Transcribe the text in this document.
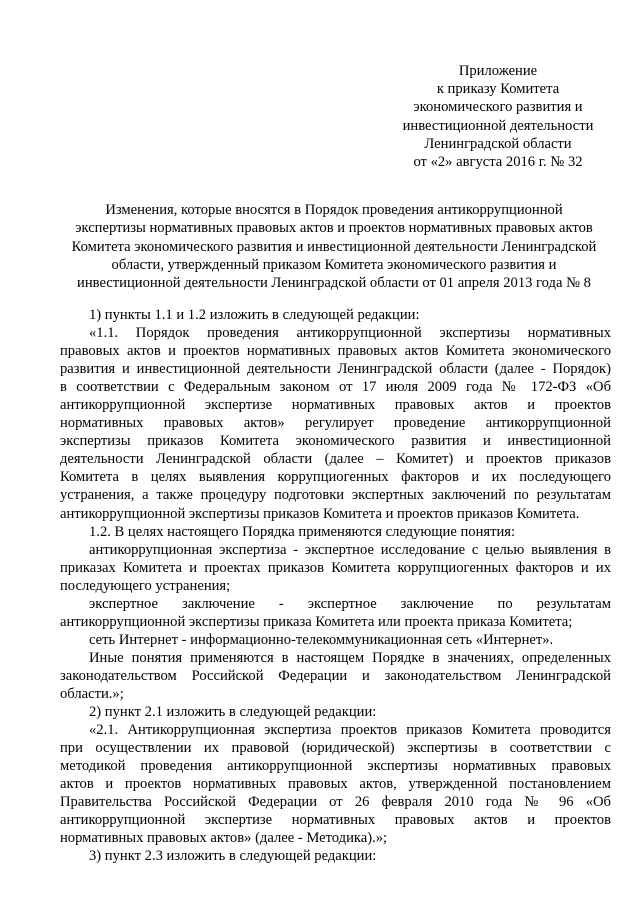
Приложение
к приказу Комитета
экономического развития и
инвестиционной деятельности
Ленинградской области
от «2» августа 2016 г. № 32
Изменения, которые вносятся в Порядок проведения антикоррупционной
экспертизы нормативных правовых актов и проектов нормативных правовых актов
Комитета экономического развития и инвестиционной деятельности Ленинградской
области, утвержденный приказом Комитета экономического развития и
инвестиционной деятельности Ленинградской области от 01 апреля 2013 года № 8

1) пункты 1.1 и 1.2 изложить в следующей редакции:

«1.1. Порядок проведения антикоррупционной экспертизы нормативных
правовых актов и проектов нормативных правовых актов Комитета экономического
развития и инвестиционной деятельности Ленинградской области (далее - Порядок)
в соответствии с Федеральным законом от 17 июля 2009 года № 172-ФЗ «Об
антикоррупционной экспертизе нормативных правовых актов и проектов
нормативных правовых актов» регулирует проведение антикоррупционной
экспертизы приказов Комитета экономического развития и инвестиционной
деятельности Ленинградской области (далее – Комитет) и проектов приказов
Комитета в целях выявления коррупциогенных факторов и их последующего
устранения, а также процедуру подготовки экспертных заключений по результатам
антикоррупционной экспертизы приказов Комитета и проектов приказов Комитета.

1.2. В целях настоящего Порядка применяются следующие понятия:

антикоррупционная экспертиза - экспертное исследование с целью выявления в
приказах Комитета и проектах приказов Комитета коррупциогенных факторов и их
последующего устранения;

экспертное заключение - экспертное заключение по результатам
антикоррупционной экспертизы приказа Комитета или проекта приказа Комитета;

сеть Интернет - информационно-телекоммуникационная сеть «Интернет».

Иные понятия применяются в настоящем Порядке в значениях, определенных
законодательством Российской Федерации и законодательством Ленинградской
области.»;

2) пункт 2.1 изложить в следующей редакции:

«2.1. Антикоррупционная экспертиза проектов приказов Комитета проводится
при осуществлении их правовой (юридической) экспертизы в соответствии с
методикой проведения антикоррупционной экспертизы нормативных правовых
актов и проектов нормативных правовых актов, утвержденной постановлением
Правительства Российской Федерации от 26 февраля 2010 года № 96 «Об
антикоррупционной экспертизе нормативных правовых актов и проектов
нормативных правовых актов» (далее - Методика).»;

3) пункт 2.3 изложить в следующей редакции:
